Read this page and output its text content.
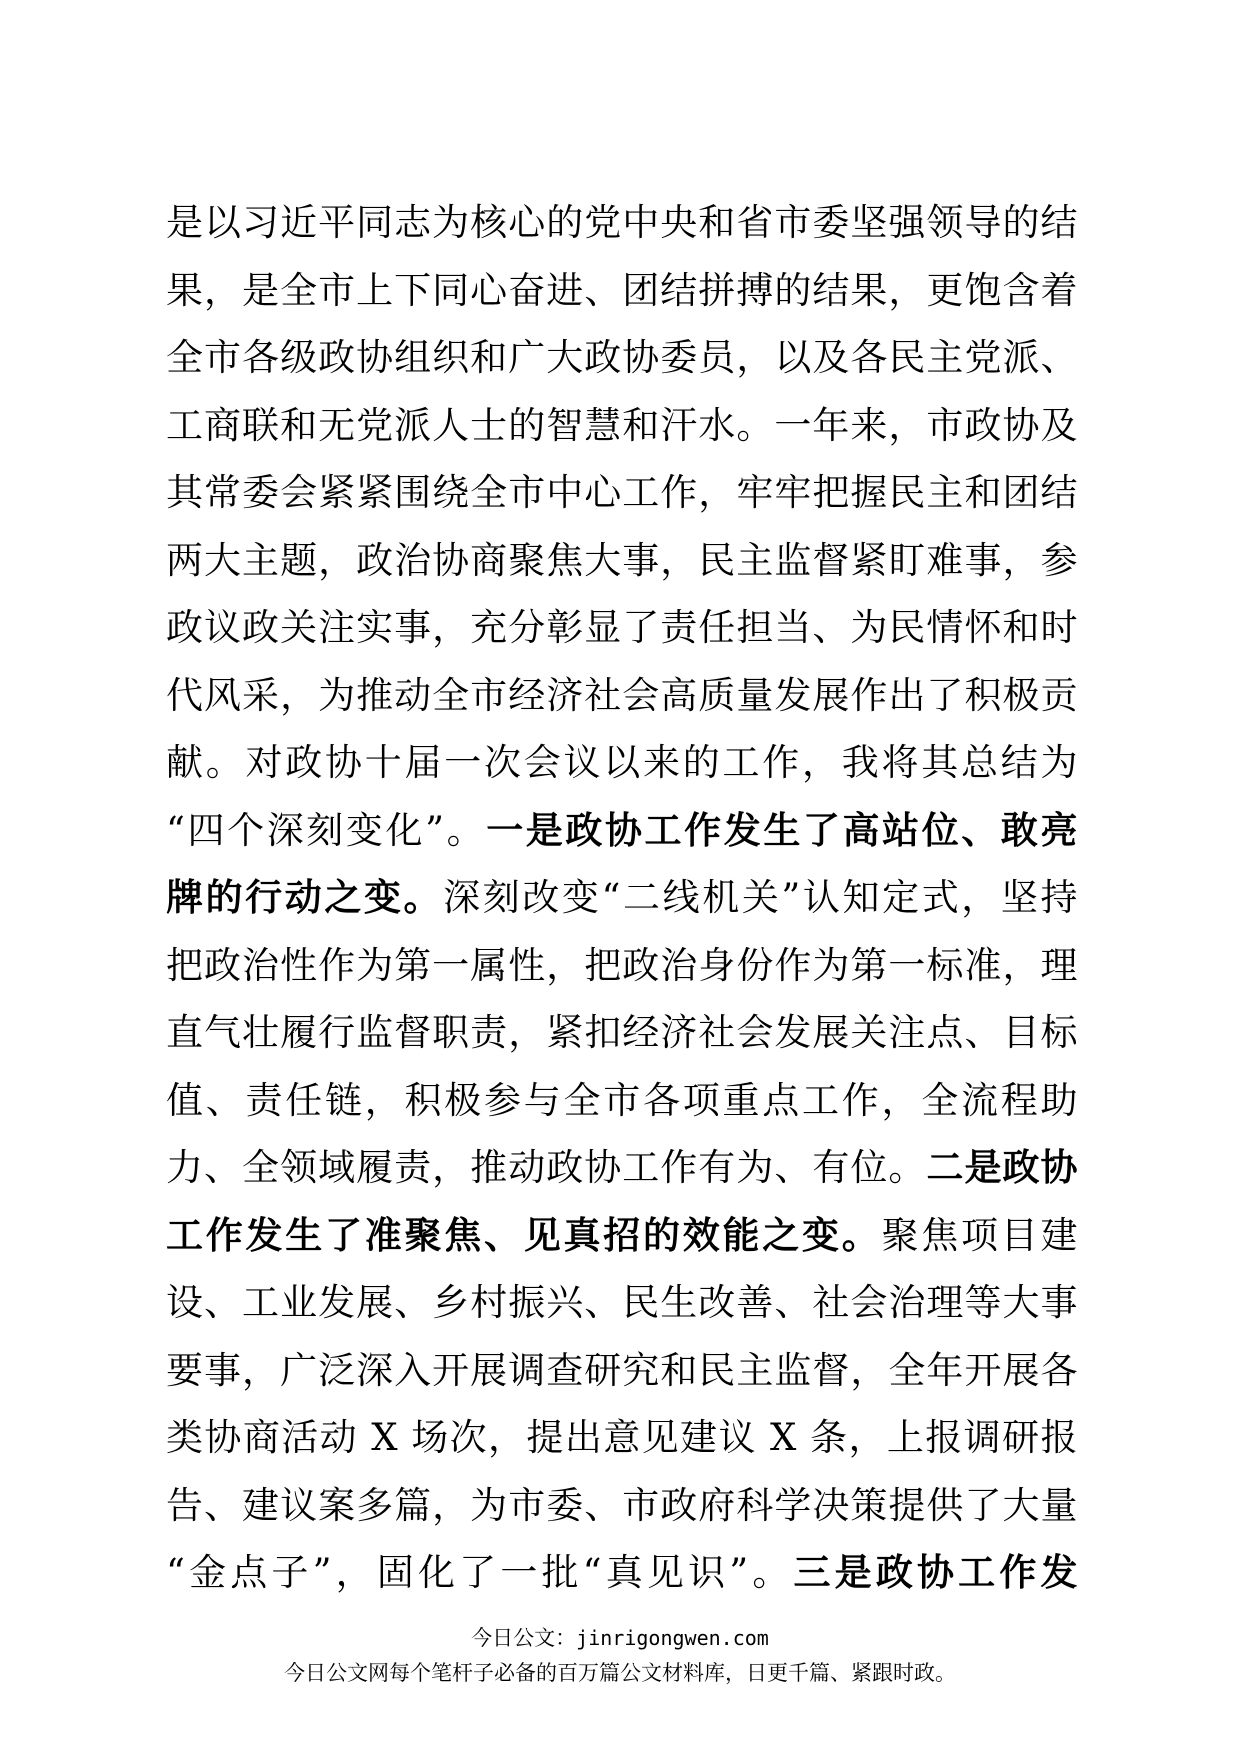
是以习近平同志为核心的党中央和省市委坚强领导的结
果，是全市上下同心奋进、团结拼搏的结果，更饱含着
全市各级政协组织和广大政协委员，以及各民主党派、
工商联和无党派人士的智慧和汗水。一年来，市政协及
其常委会紧紧围绕全市中心工作，牢牢把握民主和团结
两大主题，政治协商聚焦大事，民主监督紧盯难事，参
政议政关注实事，充分彰显了责任担当、为民情怀和时
代风采，为推动全市经济社会高质量发展作出了积极贡
献。对政协十届一次会议以来的工作，我将其总结为
“四个深刻变化”。一是政协工作发生了高站位、敢亮
牌的行动之变。深刻改变“二线机关”认知定式，坚持
把政治性作为第一属性，把政治身份作为第一标准，理
直气壮履行监督职责，紧扣经济社会发展关注点、目标
值、责任链，积极参与全市各项重点工作，全流程助
力、全领域履责，推动政协工作有为、有位。二是政协
工作发生了准聚焦、见真招的效能之变。聚焦项目建
设、工业发展、乡村振兴、民生改善、社会治理等大事
要事，广泛深入开展调查研究和民主监督，全年开展各
类协商活动 X 场次，提出意见建议 X 条，上报调研报
告、建议案多篇，为市委、市政府科学决策提供了大量
“金点子”，固化了一批“真见识”。三是政协工作发
今日公文：jinrigongwen.com
今日公文网每个笔杆子必备的百万篇公文材料库，日更千篇、紧跟时政。
